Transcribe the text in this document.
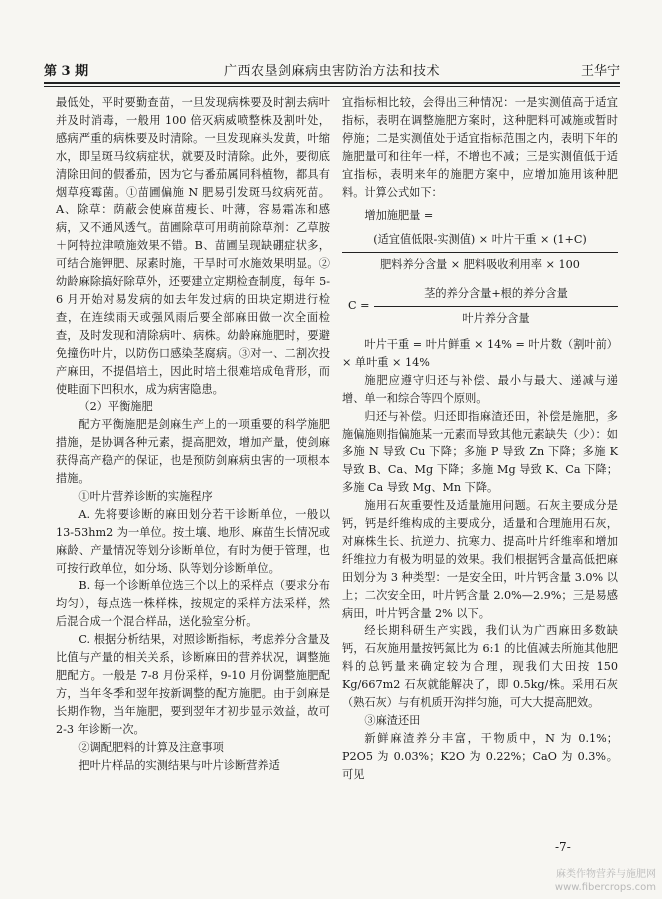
第 3 期	广西农垦剑麻病虫害防治方法和技术	王华宁

最低处，平时要勤查苗，一旦发现病株要及时割去病叶并及时消毒，一般用 100 倍灭病威喷整株及割叶处，感病严重的病株要及时清除。一旦发现麻头发黄，叶缩水，即呈斑马纹病症状，就要及时清除。此外，要彻底清除田间的假番茄，因为它与番茄属同科植物，都具有烟草疫霉菌。①苗圃偏施 N 肥易引发斑马纹病死苗。A、除草：荫蔽会使麻苗瘦长、叶薄，容易霜冻和感病，又不通风透气。苗圃除草可用萌前除草剂：乙草胺＋阿特拉津喷施效果不错。B、苗圃呈现缺硼症状多，可结合施钾肥、尿素时施，干旱时可水施效果明显。②幼龄麻除搞好除草外，还要建立定期检查制度，每年 5-6 月开始对易发病的如去年发过病的田块定期进行检查，在连续雨天或强风雨后要全部麻田做一次全面检查，及时发现和清除病叶、病株。幼龄麻施肥时，要避免撞伤叶片，以防伤口感染茎腐病。③对一、二割次投产麻田，不提倡培土，因此时培土很难培成龟背形，而使畦面下凹积水，成为病害隐患。

（2）平衡施肥

配方平衡施肥是剑麻生产上的一项重要的科学施肥措施，是协调各种元素，提高肥效，增加产量，使剑麻获得高产稳产的保证，也是预防剑麻病虫害的一项根本措施。

①叶片营养诊断的实施程序

A. 先将要诊断的麻田划分若干诊断单位，一般以 13-53hm2 为一单位。按土壤、地形、麻苗生长情况或麻龄、产量情况等划分诊断单位，有时为便于管理，也可按行政单位，如分场、队等划分诊断单位。

B. 每一个诊断单位选三个以上的采样点（要求分布均匀），每点选一株样株，按规定的采样方法采样，然后混合成一个混合样品，送化验室分析。

C. 根据分析结果，对照诊断指标，考虑养分含量及比值与产量的相关关系，诊断麻田的营养状况，调整施肥配方。一般是 7-8 月份采样，9-10 月份调整施肥配方，当年冬季和翌年按新调整的配方施肥。由于剑麻是长期作物，当年施肥，要到翌年才初步显示效益，故可 2-3 年诊断一次。

②调配肥料的计算及注意事项

把叶片样品的实测结果与叶片诊断营养适

宜指标相比较，会得出三种情况：一是实测值高于适宜指标，表明在调整施肥方案时，这种肥料可减施或暂时停施；二是实测值处于适宜指标范围之内，表明下年的施肥量可和往年一样，不增也不减；三是实测值低于适宜指标，表明来年的施肥方案中，应增加施用该种肥料。计算公式如下：

增加施肥量 =
(适宜值低限-实测值) × 叶片干重 × (1+C)
肥料养分含量 × 肥料吸收利用率 × 100
$C = \frac{\text{茎的养分含量+根的养分含量}}{\text{叶片养分含量}}$

叶片干重 = 叶片鲜重 × 14% = 叶片数（割叶前）× 单叶重 × 14%

施肥应遵守归还与补偿、最小与最大、递减与递增、单一和综合等四个原则。

归还与补偿。归还即指麻渣还田，补偿是施肥，多施偏施则指偏施某一元素而导致其他元素缺失（少）：如多施 N 导致 Cu 下降；多施 P 导致 Zn 下降；多施 K 导致 B、Ca、Mg 下降；多施 Mg 导致 K、Ca 下降；多施 Ca 导致 Mg、Mn 下降。

施用石灰重要性及适量施用问题。石灰主要成分是钙，钙是纤维构成的主要成分，适量和合理施用石灰，对麻株生长、抗逆力、抗寒力、提高叶片纤维率和增加纤维拉力有极为明显的效果。我们根据钙含量高低把麻田划分为 3 种类型：一是安全田，叶片钙含量 3.0% 以上；二次安全田，叶片钙含量 2.0%—2.9%；三是易感病田，叶片钙含量 2% 以下。

经长期科研生产实践，我们认为广西麻田多数缺钙，石灰施用量按钙氮比为 6:1 的比值减去所施其他肥料的总钙量来确定较为合理，现我们大田按 150 Kg/667m2 石灰就能解决了，即 0.5kg/株。采用石灰（熟石灰）与有机质开沟拌匀施，可大大提高肥效。

③麻渣还田

新鲜麻渣养分丰富，干物质中，N 为 0.1%；P2O5 为 0.03%；K2O 为 0.22%；CaO 为 0.3%。可见

-7-
麻类作物营养与施肥网
www.fibercrops.com
